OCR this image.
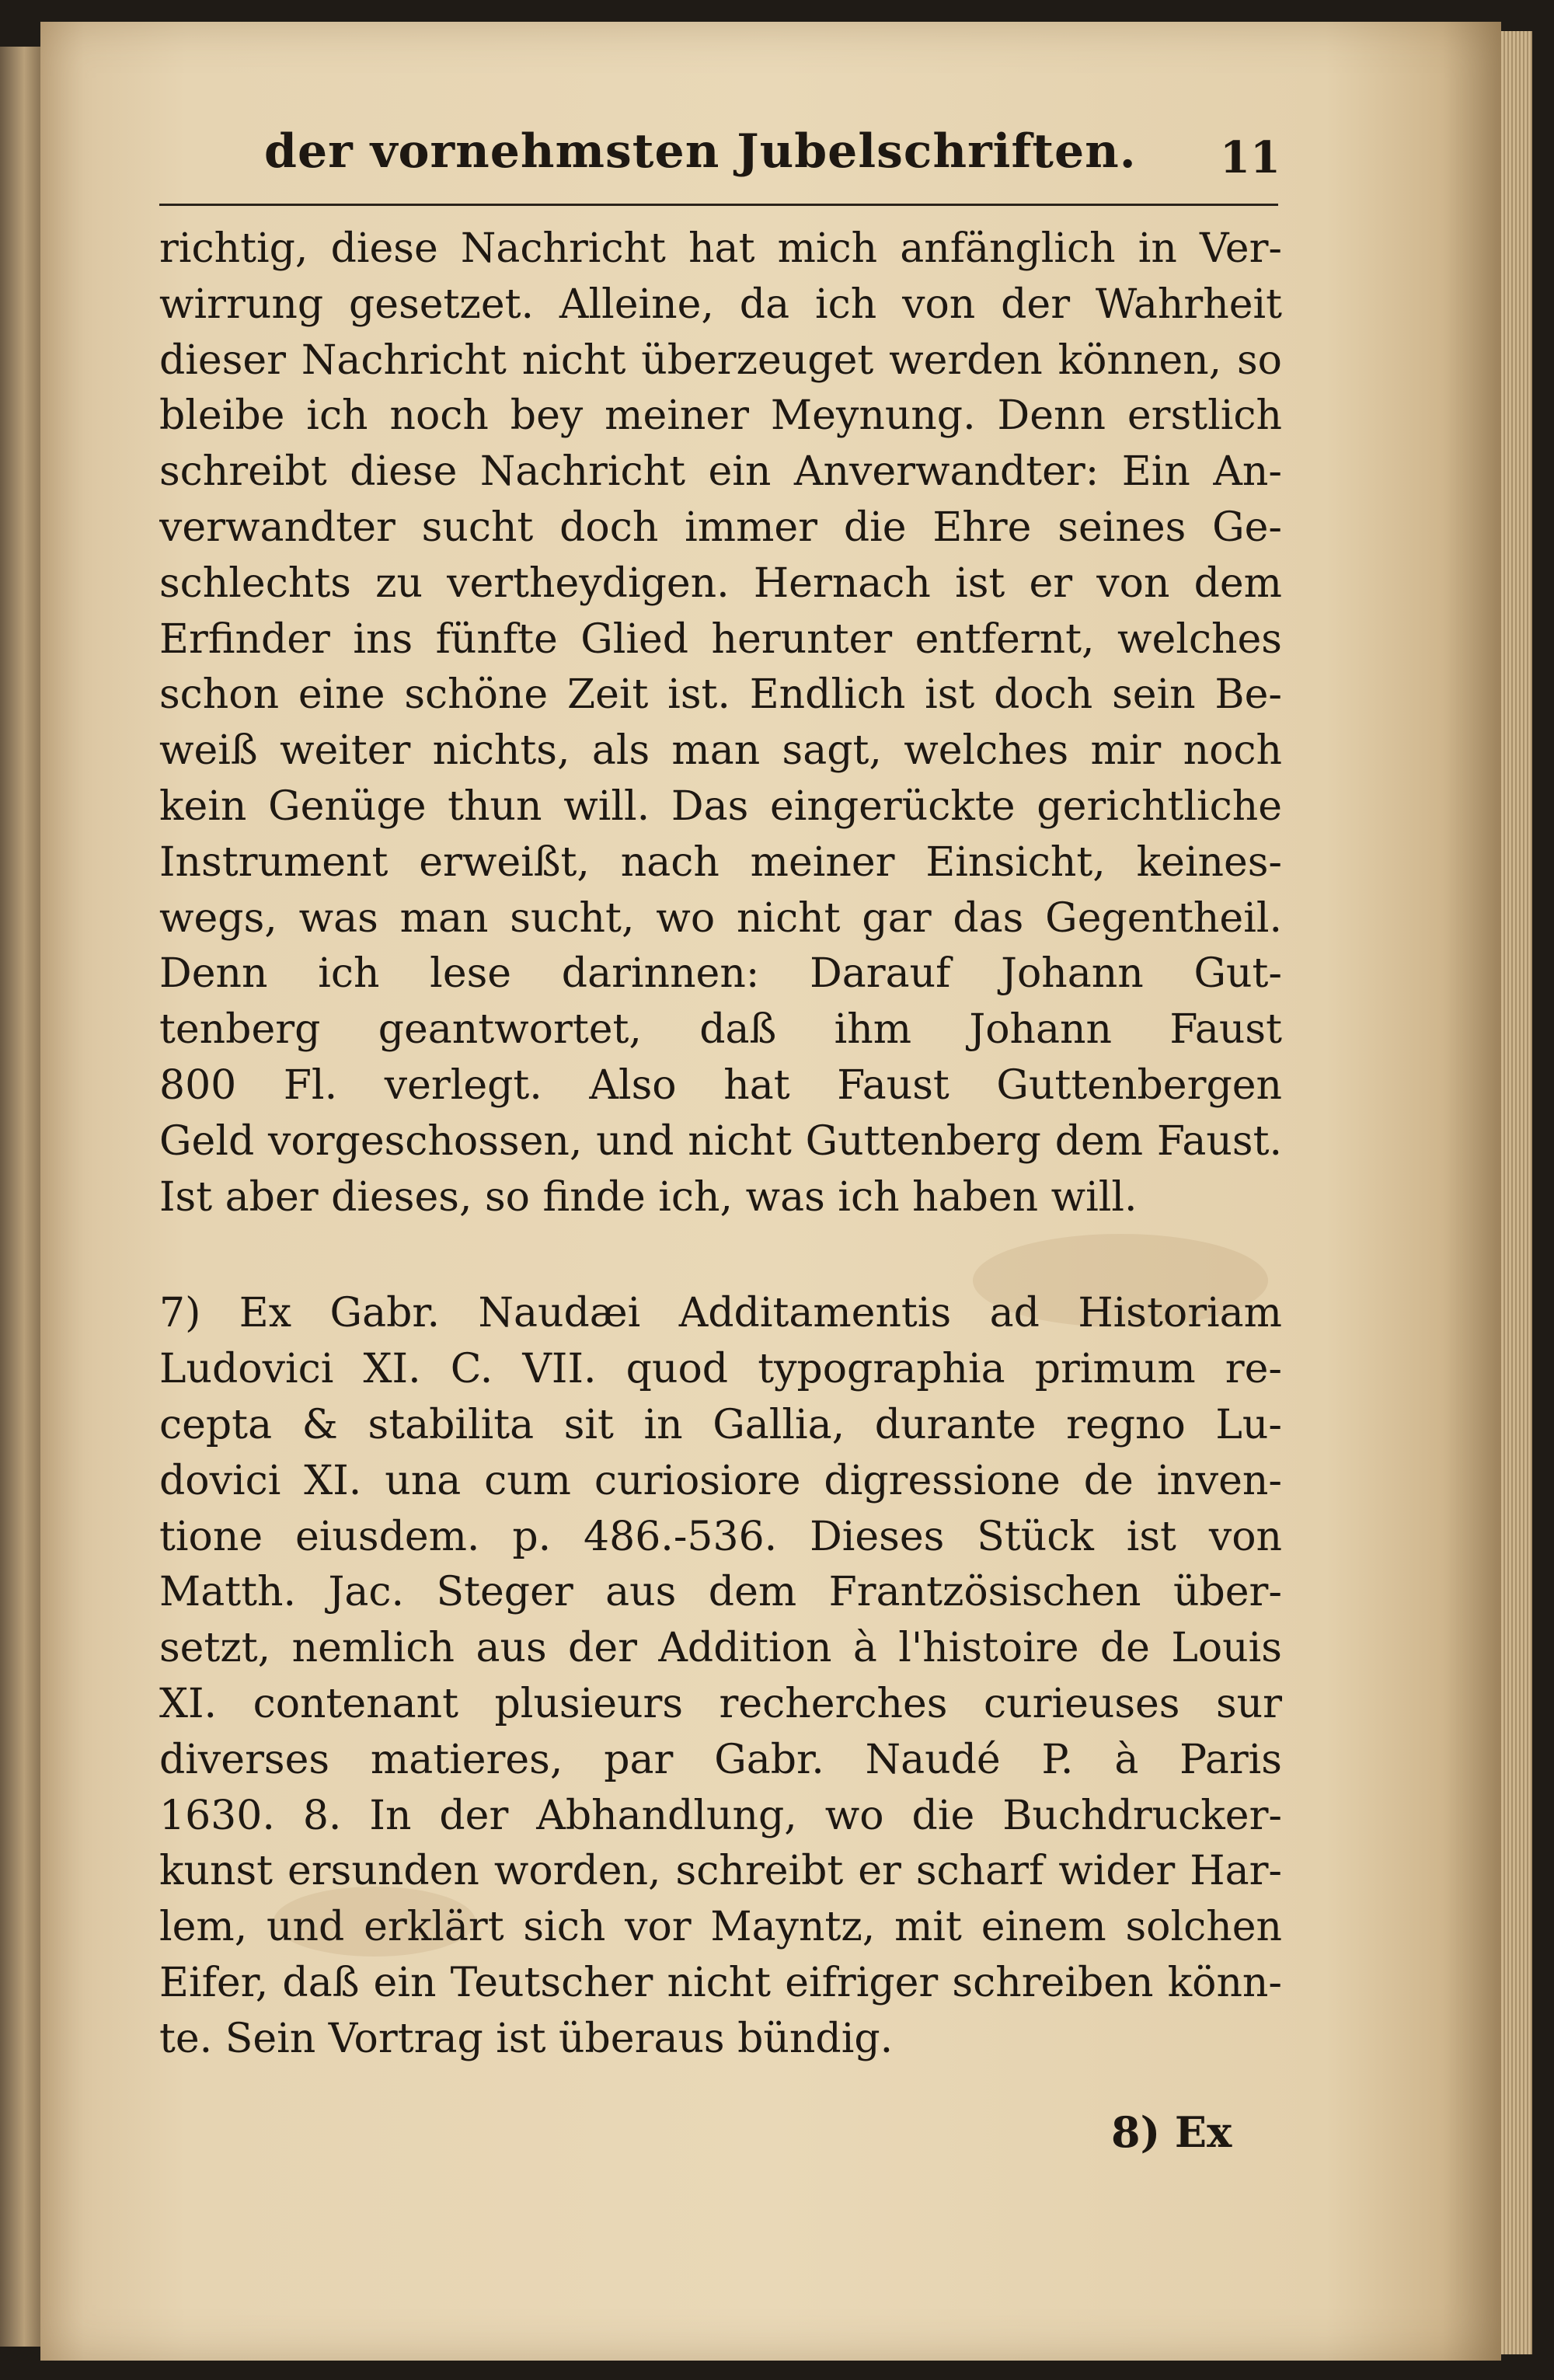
der vornehmsten Jubelschriften.	11
richtig, diese Nachricht hat mich anfänglich in Ver-
wirrung gesetzet. Alleine, da ich von der Wahrheit
dieser Nachricht nicht überzeuget werden können, so
bleibe ich noch bey meiner Meynung. Denn erstlich
schreibt diese Nachricht ein Anverwandter: Ein An-
verwandter sucht doch immer die Ehre seines Ge-
schlechts zu vertheydigen. Hernach ist er von dem
Erfinder ins fünfte Glied herunter entfernt, welches
schon eine schöne Zeit ist. Endlich ist doch sein Be-
weiß weiter nichts, als man sagt, welches mir noch
kein Genüge thun will. Das eingerückte gerichtliche
Instrument erweißt, nach meiner Einsicht, keines-
wegs, was man sucht, wo nicht gar das Gegentheil.
Denn ich lese darinnen: Darauf Johann Gut-
tenberg geantwortet, daß ihm Johann Faust
800 Fl. verlegt. Also hat Faust Guttenbergen
Geld vorgeschossen, und nicht Guttenberg dem Faust.
Ist aber dieses, so finde ich, was ich haben will.
7) Ex Gabr. Naudæi Additamentis ad Historiam
Ludovici XI. C. VII. quod typographia primum re-
cepta & stabilita sit in Gallia, durante regno Lu-
dovici XI. una cum curiosiore digressione de inven-
tione eiusdem. p. 486.-536. Dieses Stück ist von
Matth. Jac. Steger aus dem Frantzösischen über-
setzt, nemlich aus der Addition à l'histoire de Louis
XI. contenant plusieurs recherches curieuses sur
diverses matieres, par Gabr. Naudé P. à Paris
1630. 8. In der Abhandlung, wo die Buchdrucker-
kunst ersunden worden, schreibt er scharf wider Har-
lem, und erklärt sich vor Mayntz, mit einem solchen
Eifer, daß ein Teutscher nicht eifriger schreiben könn-
te. Sein Vortrag ist überaus bündig.
8) Ex
